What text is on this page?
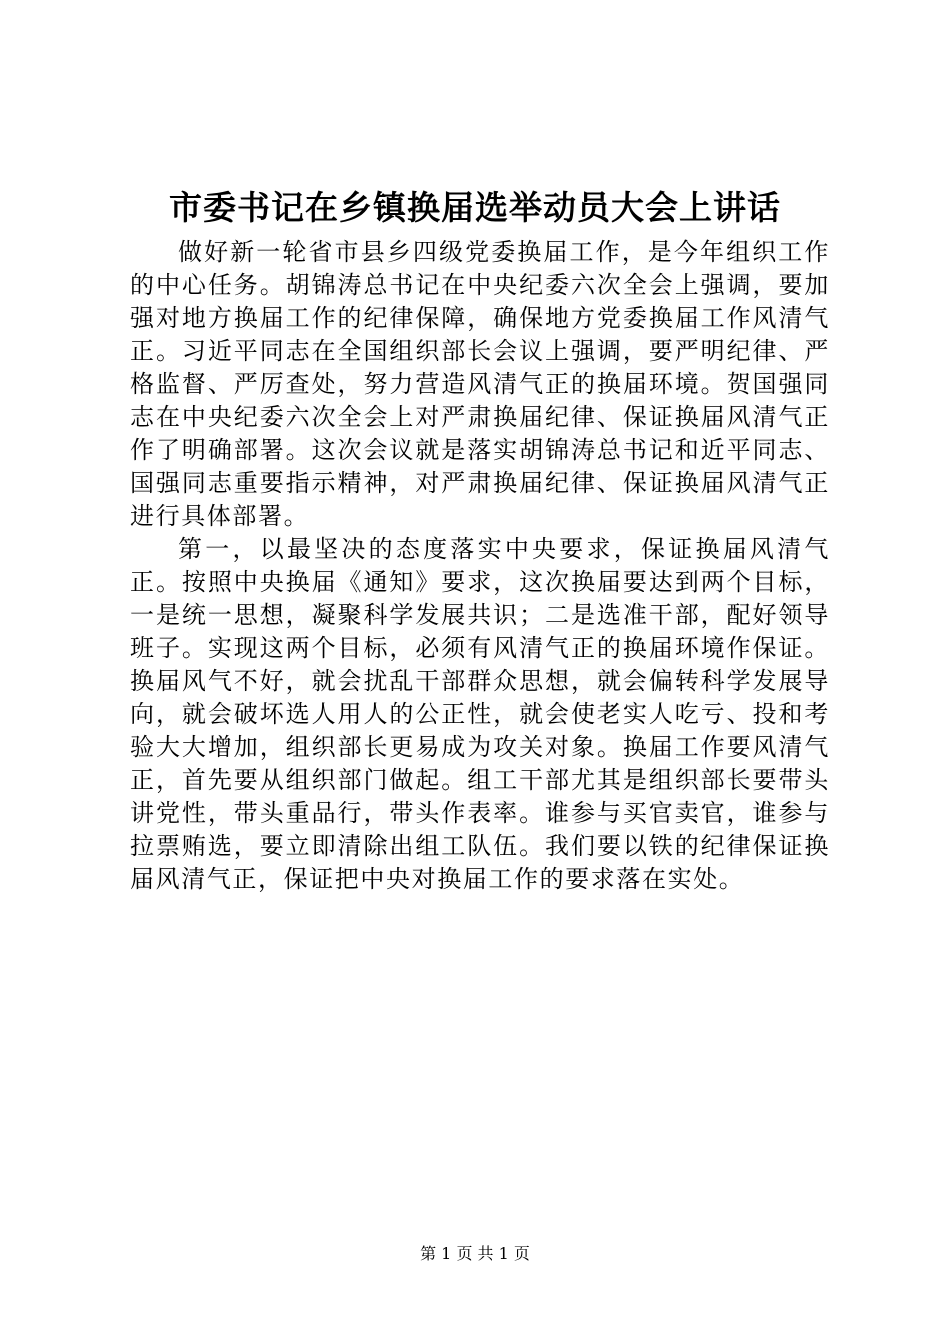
市委书记在乡镇换届选举动员大会上讲话

做好新一轮省市县乡四级党委换届工作，是今年组织工作的中心任务。胡锦涛总书记在中央纪委六次全会上强调，要加强对地方换届工作的纪律保障，确保地方党委换届工作风清气正。习近平同志在全国组织部长会议上强调，要严明纪律、严格监督、严厉查处，努力营造风清气正的换届环境。贺国强同志在中央纪委六次全会上对严肃换届纪律、保证换届风清气正作了明确部署。这次会议就是落实胡锦涛总书记和近平同志、国强同志重要指示精神，对严肃换届纪律、保证换届风清气正进行具体部署。

第一，以最坚决的态度落实中央要求，保证换届风清气正。按照中央换届《通知》要求，这次换届要达到两个目标，一是统一思想，凝聚科学发展共识；二是选准干部，配好领导班子。实现这两个目标，必须有风清气正的换届环境作保证。换届风气不好，就会扰乱干部群众思想，就会偏转科学发展导向，就会破坏选人用人的公正性，就会使老实人吃亏、投和考验大大增加，组织部长更易成为攻关对象。换届工作要风清气正，首先要从组织部门做起。组工干部尤其是组织部长要带头讲党性，带头重品行，带头作表率。谁参与买官卖官，谁参与拉票贿选，要立即清除出组工队伍。我们要以铁的纪律保证换届风清气正，保证把中央对换届工作的要求落在实处。

第 1 页 共 1 页
